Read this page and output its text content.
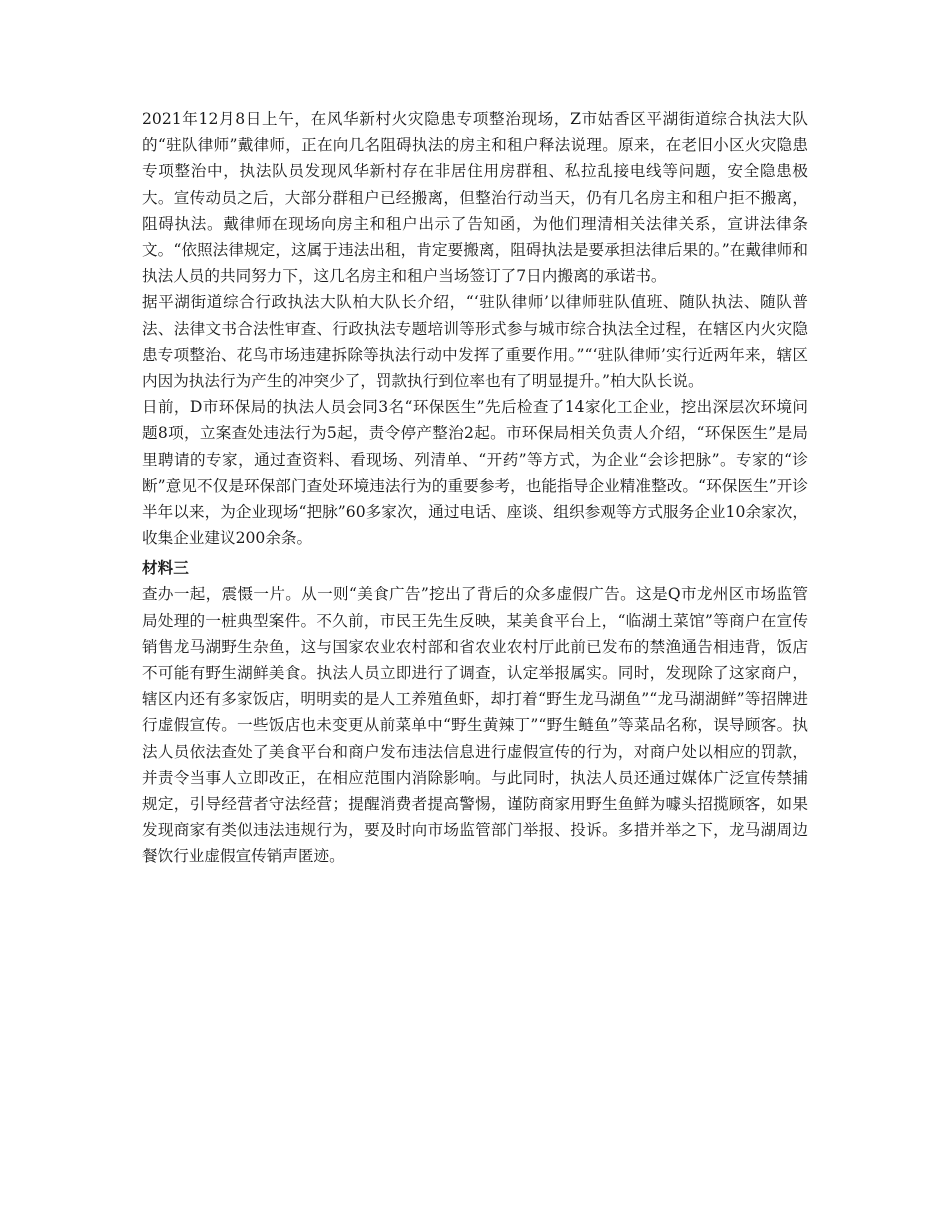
2021年12月8日上午，在风华新村火灾隐患专项整治现场，Z市姑香区平湖街道综合执法大队的“驻队律师”戴律师，正在向几名阻碍执法的房主和租户释法说理。原来，在老旧小区火灾隐患专项整治中，执法队员发现风华新村存在非居住用房群租、私拉乱接电线等问题，安全隐患极大。宣传动员之后，大部分群租户已经搬离，但整治行动当天，仍有几名房主和租户拒不搬离，阻碍执法。戴律师在现场向房主和租户出示了告知函，为他们理清相关法律关系，宣讲法律条文。“依照法律规定，这属于违法出租，肯定要搬离，阻碍执法是要承担法律后果的。”在戴律师和执法人员的共同努力下，这几名房主和租户当场签订了7日内搬离的承诺书。

据平湖街道综合行政执法大队柏大队长介绍，“‘驻队律师’以律师驻队值班、随队执法、随队普法、法律文书合法性审查、行政执法专题培训等形式参与城市综合执法全过程，在辖区内火灾隐患专项整治、花鸟市场违建拆除等执法行动中发挥了重要作用。”“‘驻队律师’实行近两年来，辖区内因为执法行为产生的冲突少了，罚款执行到位率也有了明显提升。”柏大队长说。

日前，D市环保局的执法人员会同3名“环保医生”先后检查了14家化工企业，挖出深层次环境问题8项，立案查处违法行为5起，责令停产整治2起。市环保局相关负责人介绍，“环保医生”是局里聘请的专家，通过查资料、看现场、列清单、“开药”等方式，为企业“会诊把脉”。专家的“诊断”意见不仅是环保部门查处环境违法行为的重要参考，也能指导企业精准整改。“环保医生”开诊半年以来，为企业现场“把脉”60多家次，通过电话、座谈、组织参观等方式服务企业10余家次，收集企业建议200余条。

材料三

查办一起，震慑一片。从一则“美食广告”挖出了背后的众多虚假广告。这是Q市龙州区市场监管局处理的一桩典型案件。不久前，市民王先生反映，某美食平台上，“临湖土菜馆”等商户在宣传销售龙马湖野生杂鱼，这与国家农业农村部和省农业农村厅此前已发布的禁渔通告相违背，饭店不可能有野生湖鲜美食。执法人员立即进行了调查，认定举报属实。同时，发现除了这家商户，辖区内还有多家饭店，明明卖的是人工养殖鱼虾，却打着“野生龙马湖鱼”“龙马湖湖鲜”等招牌进行虚假宣传。一些饭店也未变更从前菜单中“野生黄辣丁”“野生鲢鱼”等菜品名称，误导顾客。执法人员依法查处了美食平台和商户发布违法信息进行虚假宣传的行为，对商户处以相应的罚款，并责令当事人立即改正，在相应范围内消除影响。与此同时，执法人员还通过媒体广泛宣传禁捕规定，引导经营者守法经营；提醒消费者提高警惕，谨防商家用野生鱼鲜为噱头招揽顾客，如果发现商家有类似违法违规行为，要及时向市场监管部门举报、投诉。多措并举之下，龙马湖周边餐饮行业虚假宣传销声匿迹。
